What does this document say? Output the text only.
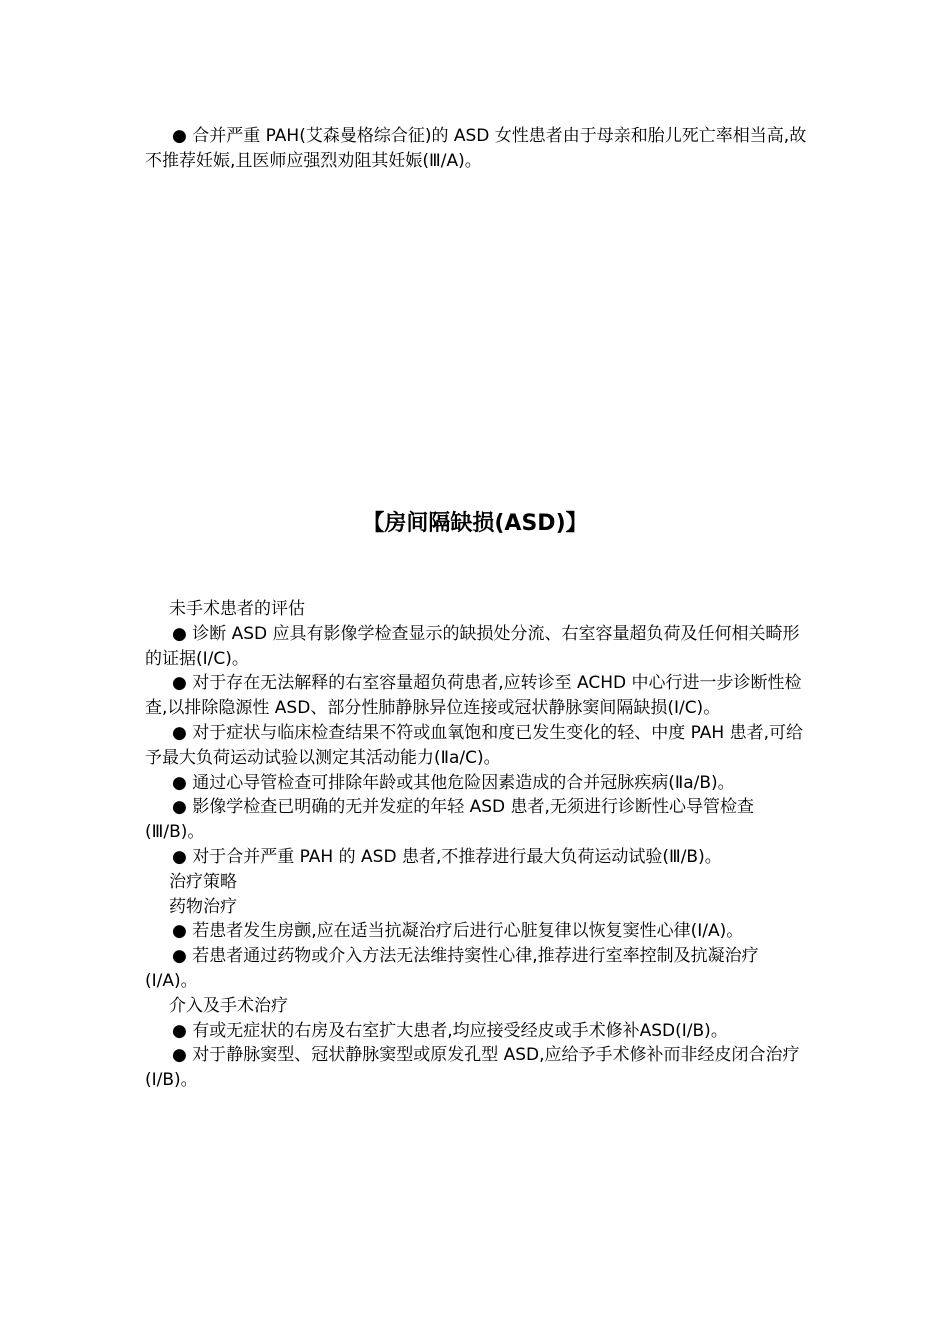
● 合并严重 PAH(艾森曼格综合征)的 ASD 女性患者由于母亲和胎儿死亡率相当高,故不推荐妊娠,且医师应强烈劝阻其妊娠(Ⅲ/A)。

【房间隔缺损(ASD)】

未手术患者的评估

● 诊断 ASD 应具有影像学检查显示的缺损处分流、右室容量超负荷及任何相关畸形的证据(Ⅰ/C)。

● 对于存在无法解释的右室容量超负荷患者,应转诊至 ACHD 中心行进一步诊断性检查,以排除隐源性 ASD、部分性肺静脉异位连接或冠状静脉窦间隔缺损(Ⅰ/C)。

● 对于症状与临床检查结果不符或血氧饱和度已发生变化的轻、中度 PAH 患者,可给予最大负荷运动试验以测定其活动能力(Ⅱa/C)。

● 通过心导管检查可排除年龄或其他危险因素造成的合并冠脉疾病(Ⅱa/B)。

● 影像学检查已明确的无并发症的年轻 ASD 患者,无须进行诊断性心导管检查(Ⅲ/B)。

● 对于合并严重 PAH 的 ASD 患者,不推荐进行最大负荷运动试验(Ⅲ/B)。

治疗策略

药物治疗

● 若患者发生房颤,应在适当抗凝治疗后进行心脏复律以恢复窦性心律(Ⅰ/A)。

● 若患者通过药物或介入方法无法维持窦性心律,推荐进行室率控制及抗凝治疗(Ⅰ/A)。

介入及手术治疗

● 有或无症状的右房及右室扩大患者,均应接受经皮或手术修补ASD(Ⅰ/B)。

● 对于静脉窦型、冠状静脉窦型或原发孔型 ASD,应给予手术修补而非经皮闭合治疗(Ⅰ/B)。
